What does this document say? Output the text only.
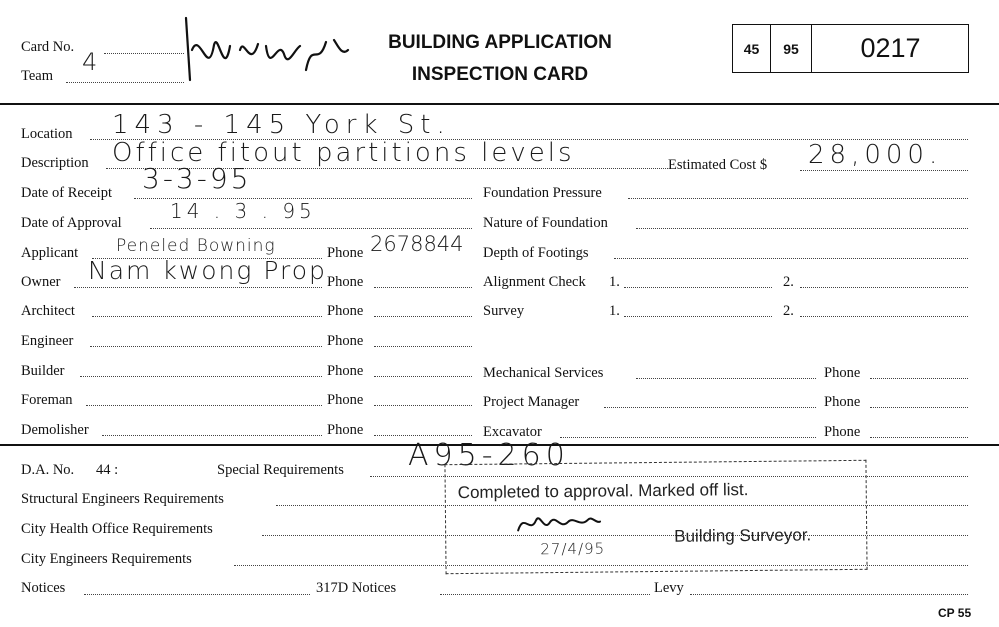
Card No.
Team 4
BUILDING APPLICATION
INSPECTION CARD
45	95	0217
Location 143 - 145 York St.
Description Office fitout partitions levels	Estimated Cost $ 28,000.
Date of Receipt 3-3-95
Date of Approval 14 . 3 . 95
Applicant Peneled Bowning	Phone 2678844
Owner Nam kwong Prop Phone
Architect	Phone
Engineer	Phone
Builder	Phone
Foreman	Phone
Demolisher	Phone
Foundation Pressure
Nature of Foundation
Depth of Footings
Alignment Check 1.	2.
Survey	1.	2.
Mechanical Services	Phone
Project Manager	Phone
Excavator	Phone
D.A. No. 44 :	Special Requirements A95-260
Structural Engineers Requirements
City Health Office Requirements
City Engineers Requirements
Notices	317D Notices	Levy
Completed to approval. Marked off list.
Building Surveyor.
27/4/95
CP 55
